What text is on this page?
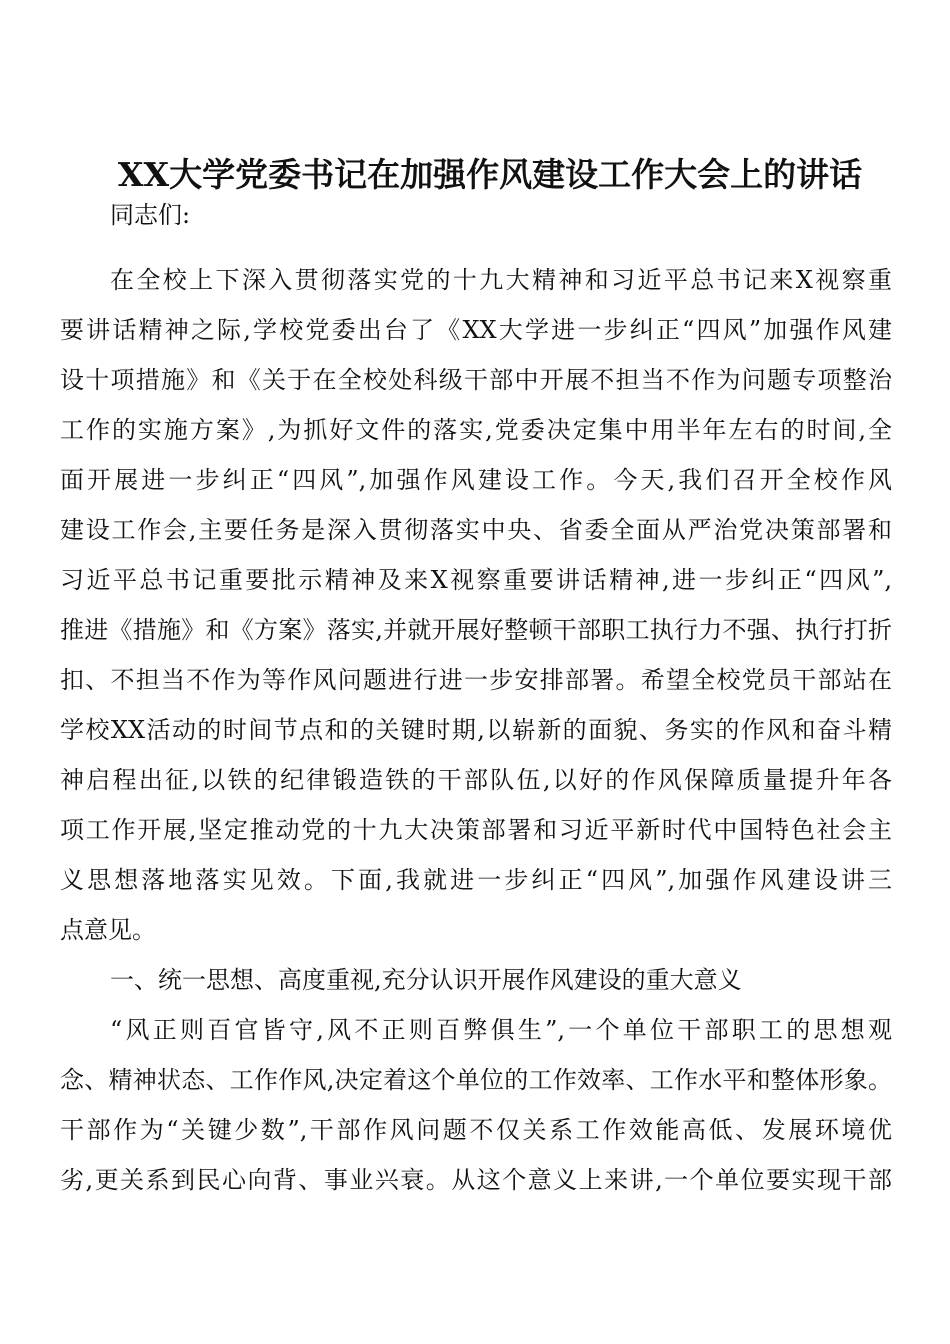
XX大学党委书记在加强作风建设工作大会上的讲话
同志们:
在全校上下深入贯彻落实党的十九大精神和习近平总书记来X视察重
要讲话精神之际,学校党委出台了《XX大学进一步纠正“四风”加强作风建
设十项措施》和《关于在全校处科级干部中开展不担当不作为问题专项整治
工作的实施方案》,为抓好文件的落实,党委决定集中用半年左右的时间,全
面开展进一步纠正“四风”,加强作风建设工作。今天,我们召开全校作风
建设工作会,主要任务是深入贯彻落实中央、省委全面从严治党决策部署和
习近平总书记重要批示精神及来X视察重要讲话精神,进一步纠正“四风”,
推进《措施》和《方案》落实,并就开展好整顿干部职工执行力不强、执行打折
扣、不担当不作为等作风问题进行进一步安排部署。希望全校党员干部站在
学校XX活动的时间节点和的关键时期,以崭新的面貌、务实的作风和奋斗精
神启程出征,以铁的纪律锻造铁的干部队伍,以好的作风保障质量提升年各
项工作开展,坚定推动党的十九大决策部署和习近平新时代中国特色社会主
义思想落地落实见效。下面,我就进一步纠正“四风”,加强作风建设讲三
点意见。
一、统一思想、高度重视,充分认识开展作风建设的重大意义
“风正则百官皆守,风不正则百弊俱生”,一个单位干部职工的思想观
念、精神状态、工作作风,决定着这个单位的工作效率、工作水平和整体形象。
干部作为“关键少数”,干部作风问题不仅关系工作效能高低、发展环境优
劣,更关系到民心向背、事业兴衰。从这个意义上来讲,一个单位要实现干部
